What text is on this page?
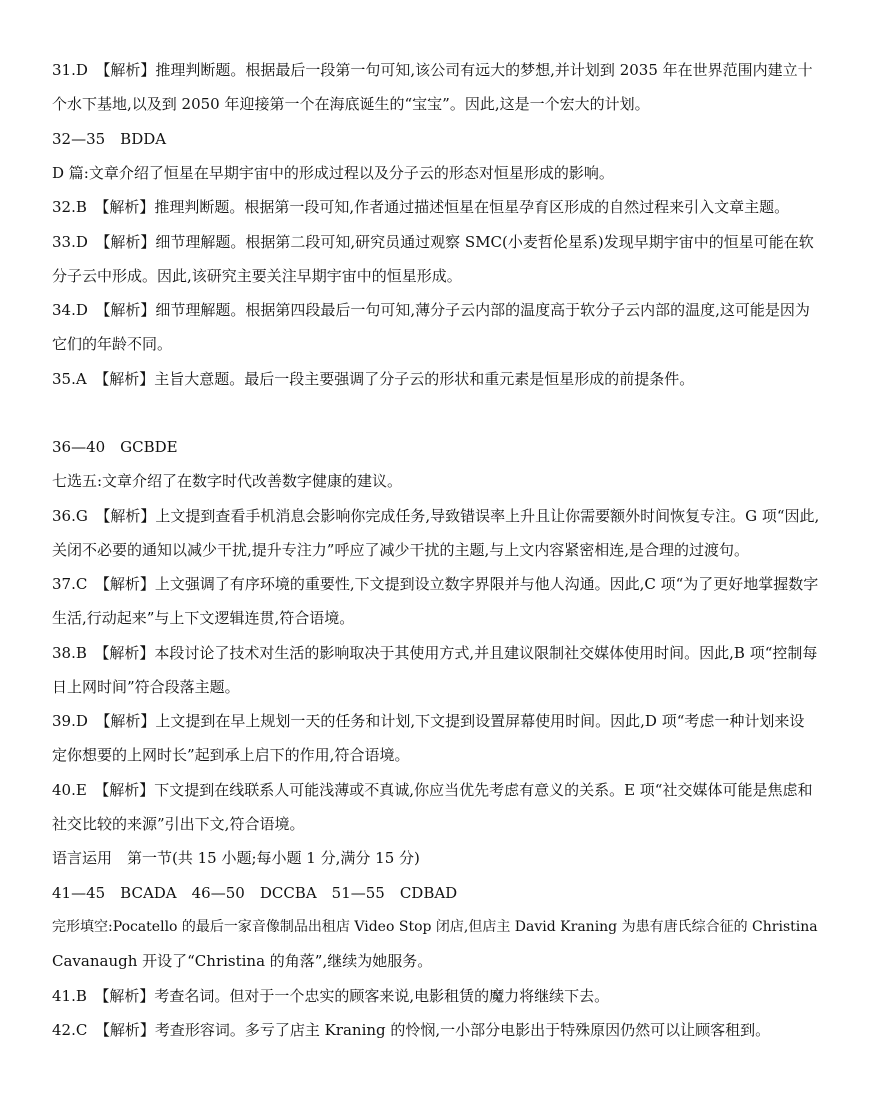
31.D　【解析】推理判断题。根据最后一段第一句可知,该公司有远大的梦想,并计划到 2035 年在世界范围内建立十
个水下基地,以及到 2050 年迎接第一个在海底诞生的“宝宝”。因此,这是一个宏大的计划。
32—35　BDDA
D 篇:文章介绍了恒星在早期宇宙中的形成过程以及分子云的形态对恒星形成的影响。
32.B　【解析】推理判断题。根据第一段可知,作者通过描述恒星在恒星孕育区形成的自然过程来引入文章主题。
33.D　【解析】细节理解题。根据第二段可知,研究员通过观察 SMC(小麦哲伦星系)发现早期宇宙中的恒星可能在软
分子云中形成。因此,该研究主要关注早期宇宙中的恒星形成。
34.D　【解析】细节理解题。根据第四段最后一句可知,薄分子云内部的温度高于软分子云内部的温度,这可能是因为
它们的年龄不同。
35.A　【解析】主旨大意题。最后一段主要强调了分子云的形状和重元素是恒星形成的前提条件。
36—40　GCBDE
七选五:文章介绍了在数字时代改善数字健康的建议。
36.G　【解析】上文提到查看手机消息会影响你完成任务,导致错误率上升且让你需要额外时间恢复专注。G 项“因此,
关闭不必要的通知以减少干扰,提升专注力”呼应了减少干扰的主题,与上文内容紧密相连,是合理的过渡句。
37.C　【解析】上文强调了有序环境的重要性,下文提到设立数字界限并与他人沟通。因此,C 项“为了更好地掌握数字
生活,行动起来”与上下文逻辑连贯,符合语境。
38.B　【解析】本段讨论了技术对生活的影响取决于其使用方式,并且建议限制社交媒体使用时间。因此,B 项“控制每
日上网时间”符合段落主题。
39.D　【解析】上文提到在早上规划一天的任务和计划,下文提到设置屏幕使用时间。因此,D 项“考虑一种计划来设
定你想要的上网时长”起到承上启下的作用,符合语境。
40.E　【解析】下文提到在线联系人可能浅薄或不真诚,你应当优先考虑有意义的关系。E 项“社交媒体可能是焦虑和
社交比较的来源”引出下文,符合语境。
语言运用　第一节(共 15 小题;每小题 1 分,满分 15 分)
41—45　BCADA　46—50　DCCBA　51—55　CDBAD
完形填空:Pocatello 的最后一家音像制品出租店 Video Stop 闭店,但店主 David Kraning 为患有唐氏综合征的 Christina
Cavanaugh 开设了“Christina 的角落”,继续为她服务。
41.B　【解析】考查名词。但对于一个忠实的顾客来说,电影租赁的魔力将继续下去。
42.C　【解析】考查形容词。多亏了店主 Kraning 的怜悯,一小部分电影出于特殊原因仍然可以让顾客租到。
